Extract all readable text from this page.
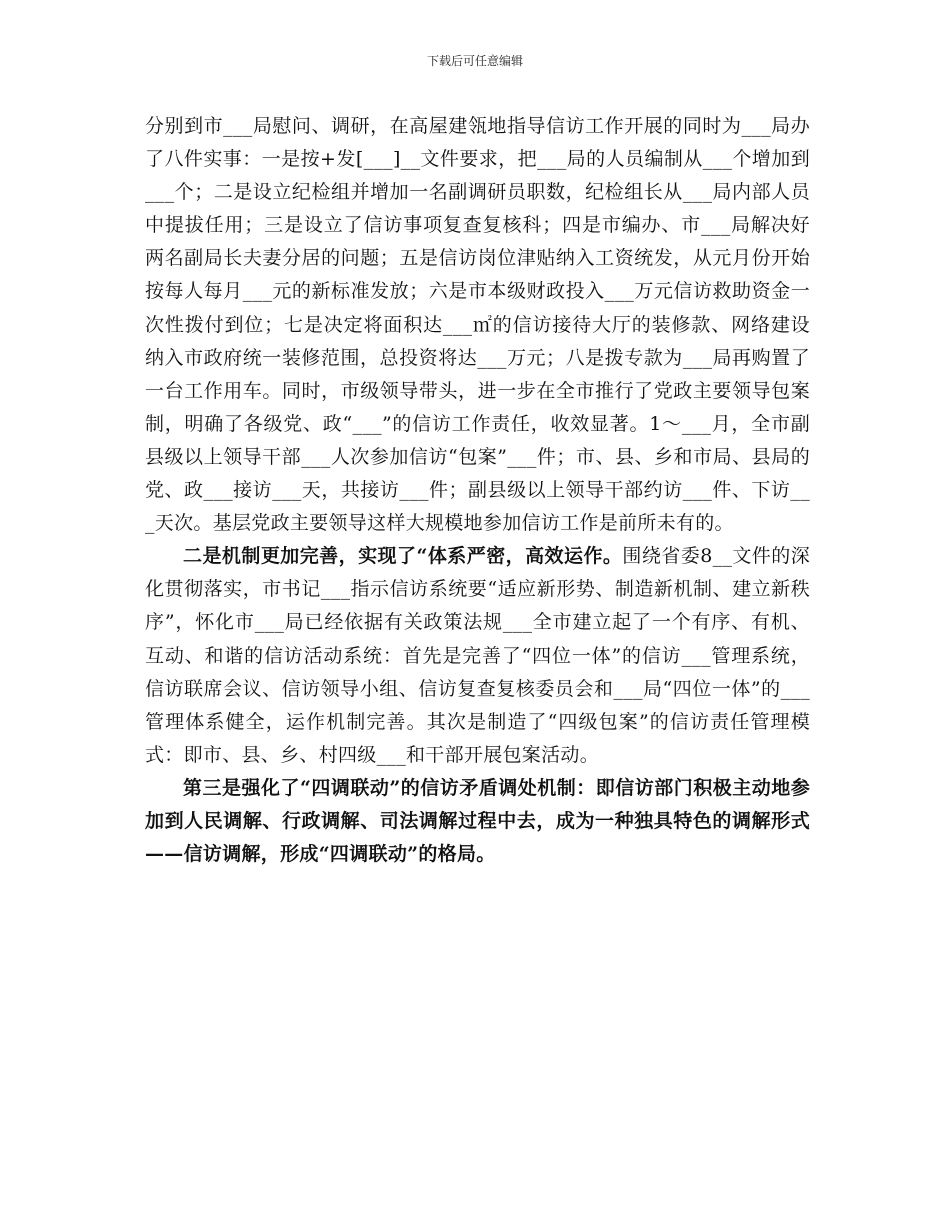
下载后可任意编辑

分别到市___局慰问、调研，在高屋建瓴地指导信访工作开展的同时为___局办了八件实事：一是按+发[___]__文件要求，把___局的人员编制从___个增加到___个；二是设立纪检组并增加一名副调研员职数，纪检组长从___局内部人员中提拔任用；三是设立了信访事项复查复核科；四是市编办、市___局解决好两名副局长夫妻分居的问题；五是信访岗位津贴纳入工资统发，从元月份开始按每人每月___元的新标准发放；六是市本级财政投入___万元信访救助资金一次性拨付到位；七是决定将面积达___㎡的信访接待大厅的装修款、网络建设纳入市政府统一装修范围，总投资将达___万元；八是拨专款为___局再购置了一台工作用车。同时，市级领导带头，进一步在全市推行了党政主要领导包案制，明确了各级党、政“___”的信访工作责任，收效显著。1～___月，全市副县级以上领导干部___人次参加信访“包案”___件；市、县、乡和市局、县局的党、政___接访___天，共接访___件；副县级以上领导干部约访___件、下访___天次。基层党政主要领导这样大规模地参加信访工作是前所未有的。

二是机制更加完善，实现了“体系严密，高效运作。围绕省委8__文件的深化贯彻落实，市书记___指示信访系统要“适应新形势、制造新机制、建立新秩序”，怀化市___局已经依据有关政策法规___全市建立起了一个有序、有机、互动、和谐的信访活动系统：首先是完善了“四位一体”的信访___管理系统，信访联席会议、信访领导小组、信访复查复核委员会和___局“四位一体”的___管理体系健全，运作机制完善。其次是制造了“四级包案”的信访责任管理模式：即市、县、乡、村四级___和干部开展包案活动。

第三是强化了“四调联动”的信访矛盾调处机制：即信访部门积极主动地参加到人民调解、行政调解、司法调解过程中去，成为一种独具特色的调解形式——信访调解，形成“四调联动”的格局。
